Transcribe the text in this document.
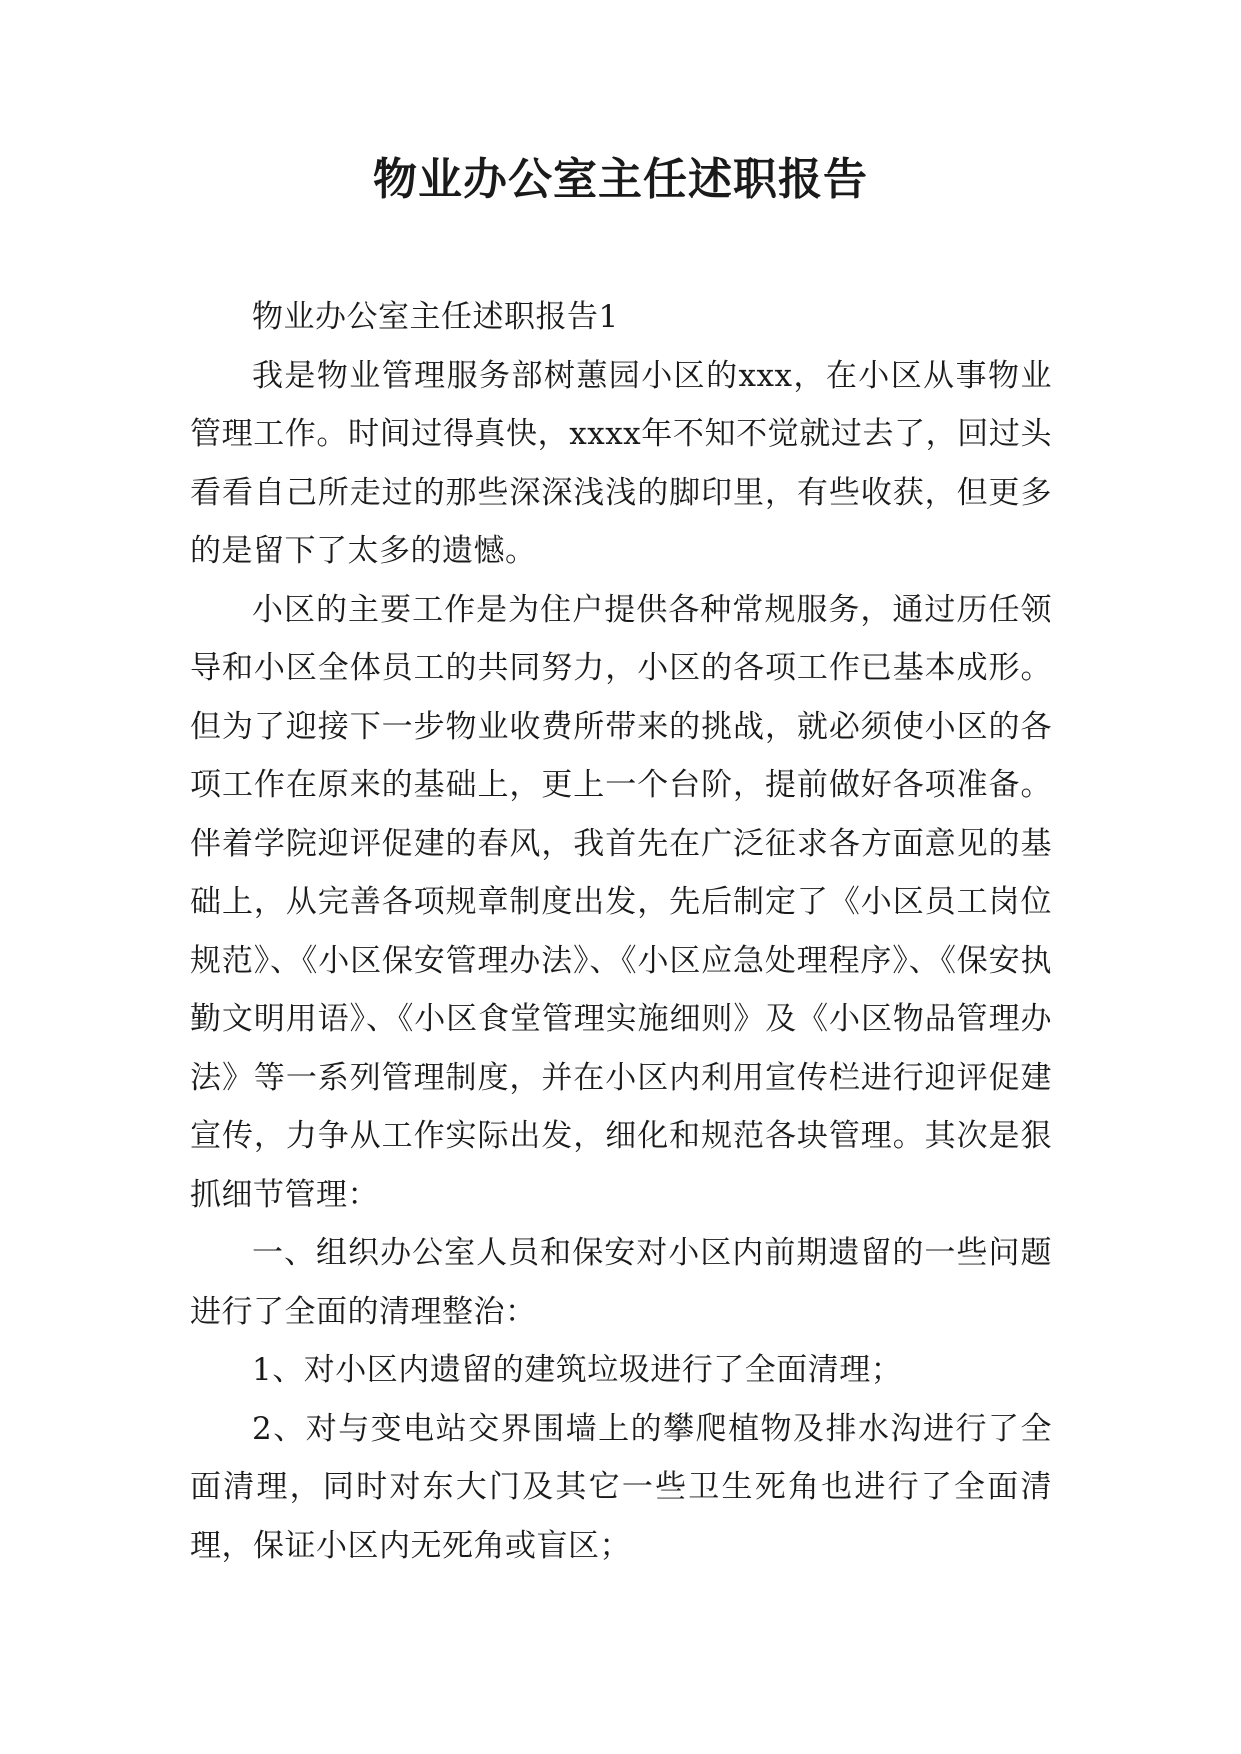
物业办公室主任述职报告

物业办公室主任述职报告1

我是物业管理服务部树蕙园小区的xxx，在小区从事物业管理工作。时间过得真快，xxxx年不知不觉就过去了，回过头看看自己所走过的那些深深浅浅的脚印里，有些收获，但更多的是留下了太多的遗憾。

小区的主要工作是为住户提供各种常规服务，通过历任领导和小区全体员工的共同努力，小区的各项工作已基本成形。但为了迎接下一步物业收费所带来的挑战，就必须使小区的各项工作在原来的基础上，更上一个台阶，提前做好各项准备。伴着学院迎评促建的春风，我首先在广泛征求各方面意见的基础上，从完善各项规章制度出发，先后制定了《小区员工岗位规范》、《小区保安管理办法》、《小区应急处理程序》、《保安执勤文明用语》、《小区食堂管理实施细则》及《小区物品管理办法》等一系列管理制度，并在小区内利用宣传栏进行迎评促建宣传，力争从工作实际出发，细化和规范各块管理。其次是狠抓细节管理：

一、组织办公室人员和保安对小区内前期遗留的一些问题进行了全面的清理整治：

1、对小区内遗留的建筑垃圾进行了全面清理；

2、对与变电站交界围墙上的攀爬植物及排水沟进行了全面清理，同时对东大门及其它一些卫生死角也进行了全面清理，保证小区内无死角或盲区；
